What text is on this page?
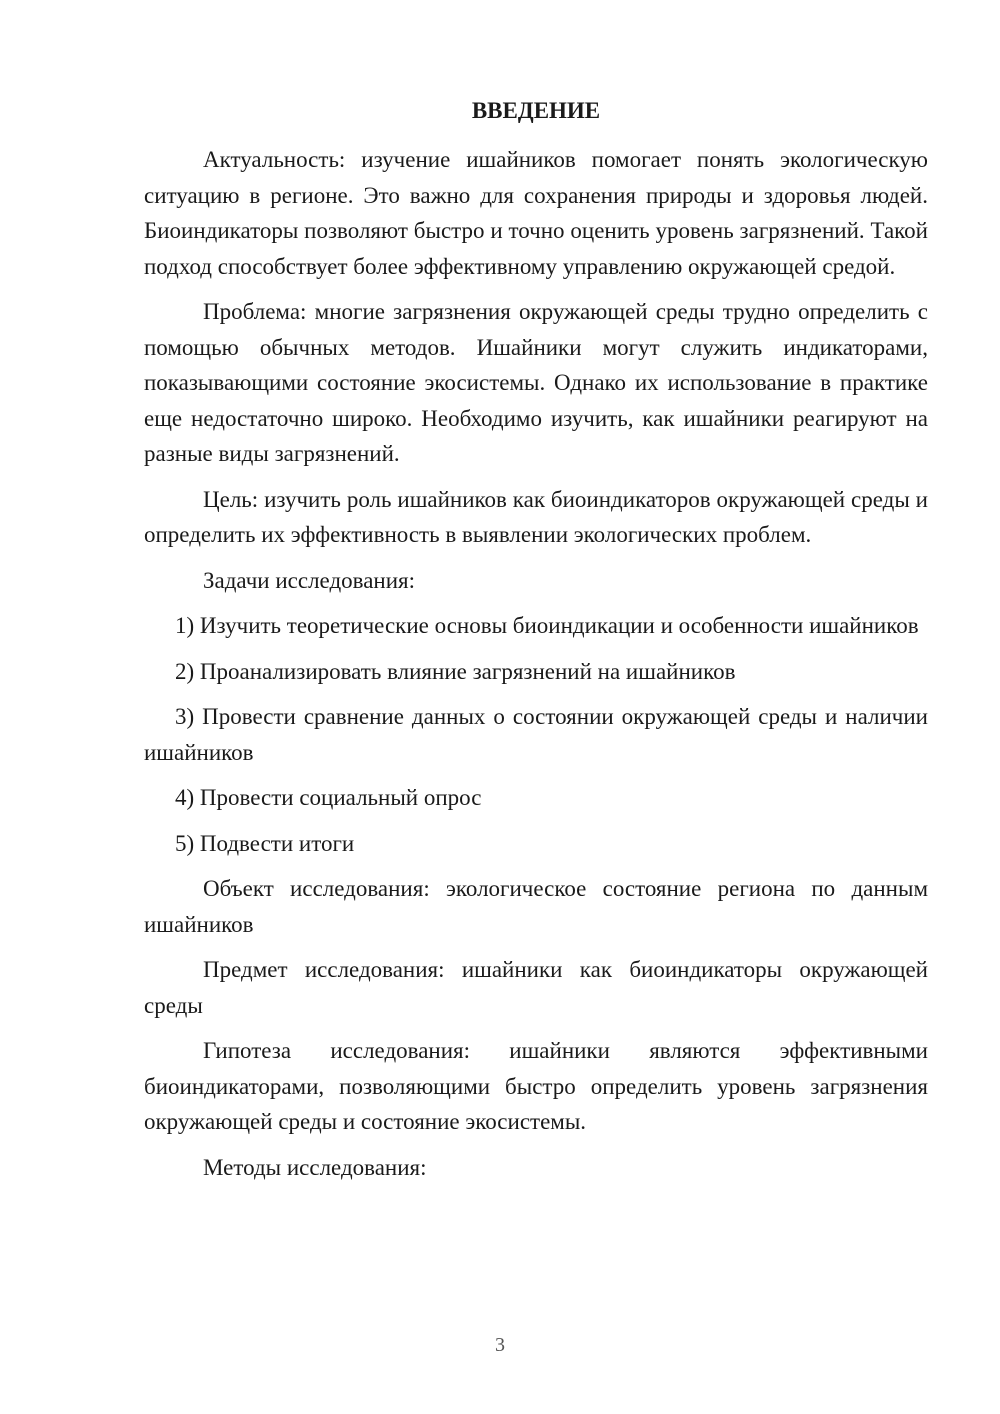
ВВЕДЕНИЕ

Актуальность: изучение ишайников помогает понять экологическую ситуацию в регионе. Это важно для сохранения природы и здоровья людей. Биоиндикаторы позволяют быстро и точно оценить уровень загрязнений. Такой подход способствует более эффективному управлению окружающей средой.

Проблема: многие загрязнения окружающей среды трудно определить с помощью обычных методов. Ишайники могут служить индикаторами, показывающими состояние экосистемы. Однако их использование в практике еще недостаточно широко. Необходимо изучить, как ишайники реагируют на разные виды загрязнений.

Цель: изучить роль ишайников как биоиндикаторов окружающей среды и определить их эффективность в выявлении экологических проблем.

Задачи исследования:

1) Изучить теоретические основы биоиндикации и особенности ишайников

2) Проанализировать влияние загрязнений на ишайников

3) Провести сравнение данных о состоянии окружающей среды и наличии ишайников

4) Провести социальный опрос

5) Подвести итоги

Объект исследования: экологическое состояние региона по данным ишайников

Предмет исследования: ишайники как биоиндикаторы окружающей среды

Гипотеза исследования: ишайники являются эффективными биоиндикаторами, позволяющими быстро определить уровень загрязнения окружающей среды и состояние экосистемы.

Методы исследования:

3
